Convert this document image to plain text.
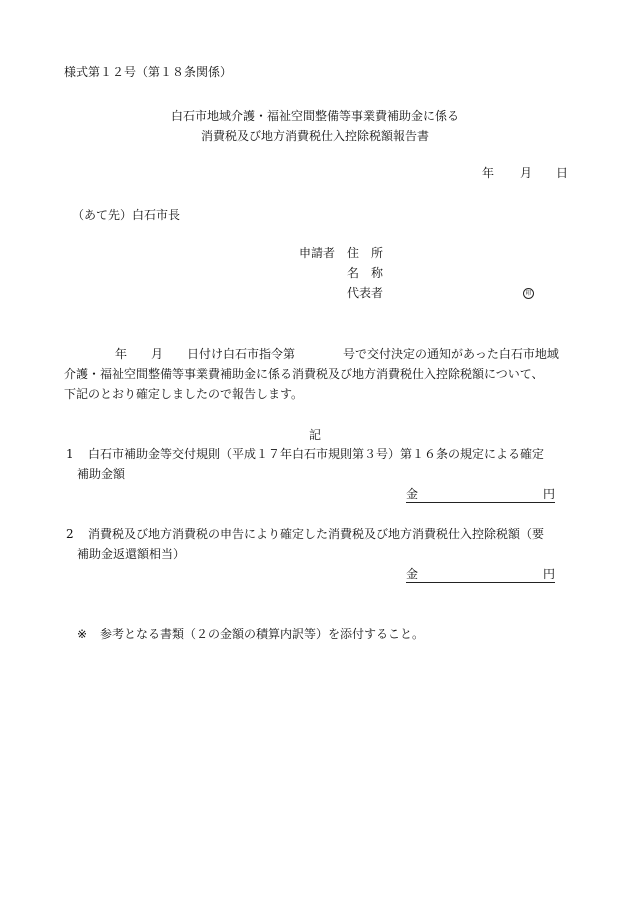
様式第１２号（第１８条関係）

白石市地域介護・福祉空間整備等事業費補助金に係る

消費税及び地方消費税仕入控除税額報告書

年 月 日

（あて先）白石市長

申請者 住　所
名　称
代表者	印
年 月 日付け白石市指令第	号で交付決定の通知があった白石市地域

介護・福祉空間整備等事業費補助金に係る消費税及び地方消費税仕入控除税額について、

下記のとおり確定しましたので報告します。

記

1 白石市補助金等交付規則（平成１７年白石市規則第３号）第１６条の規定による確定
補助金額
金	円
2 消費税及び地方消費税の申告により確定した消費税及び地方消費税仕入控除税額（要
補助金返還額相当）
金	円
※ 参考となる書類（２の金額の積算内訳等）を添付すること。
